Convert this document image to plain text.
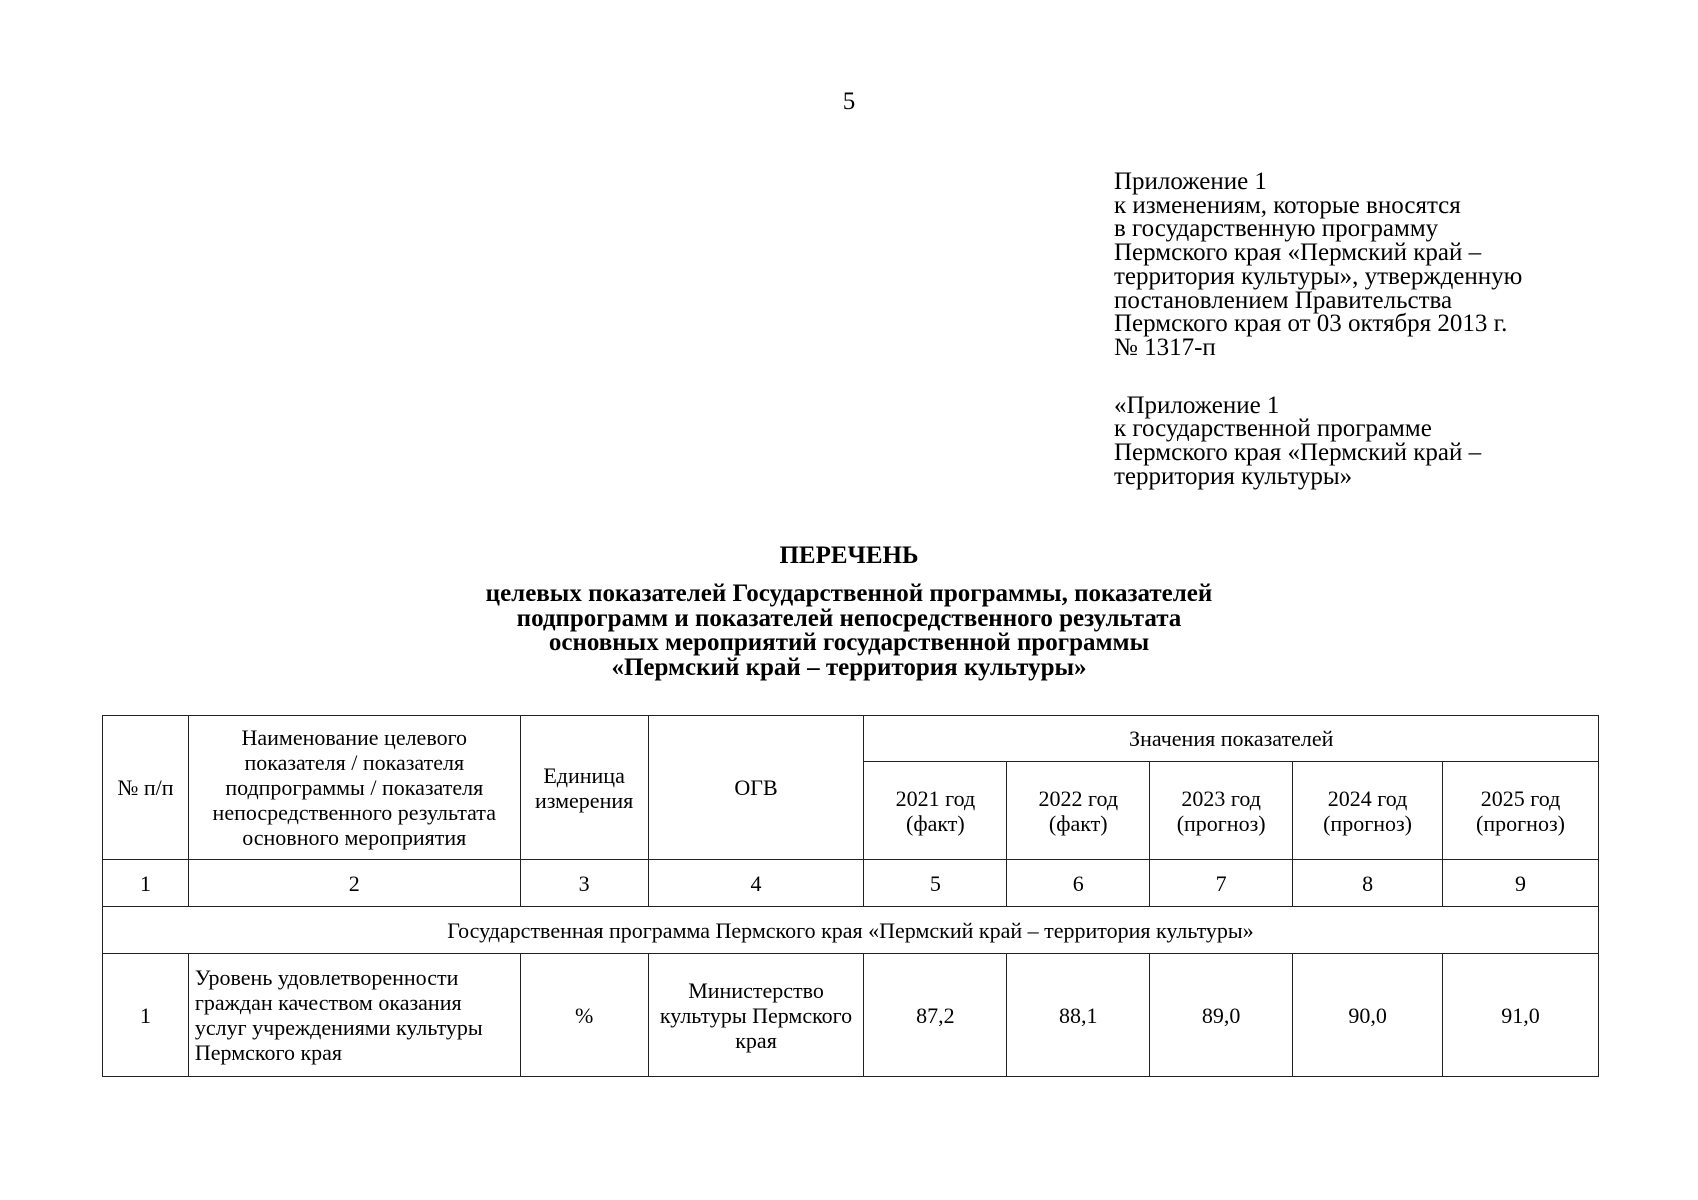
5
Приложение 1
к изменениям, которые вносятся
в государственную программу
Пермского края «Пермский край –
территория культуры», утвержденную
постановлением Правительства
Пермского края от 03 октября 2013 г.
№ 1317-п
«Приложение 1
к государственной программе
Пермского края «Пермский край –
территория культуры»
ПЕРЕЧЕНЬ
целевых показателей Государственной программы, показателей
подпрограмм и показателей непосредственного результата
основных мероприятий государственной программы
«Пермский край – территория культуры»
№ п/п	Наименование целевого показателя / показателя подпрограммы / показателя непосредственного результата основного мероприятия	Единица измерения	ОГВ	Значения показателей				
				2021 год (факт)	2022 год (факт)	2023 год (прогноз)	2024 год (прогноз)	2025 год (прогноз)
1	2	3	4	5	6	7	8	9
Государственная программа Пермского края «Пермский край – территория культуры»								
1	Уровень удовлетворенности граждан качеством оказания услуг учреждениями культуры Пермского края	%	Министерство культуры Пермского края	87,2	88,1	89,0	90,0	91,0
